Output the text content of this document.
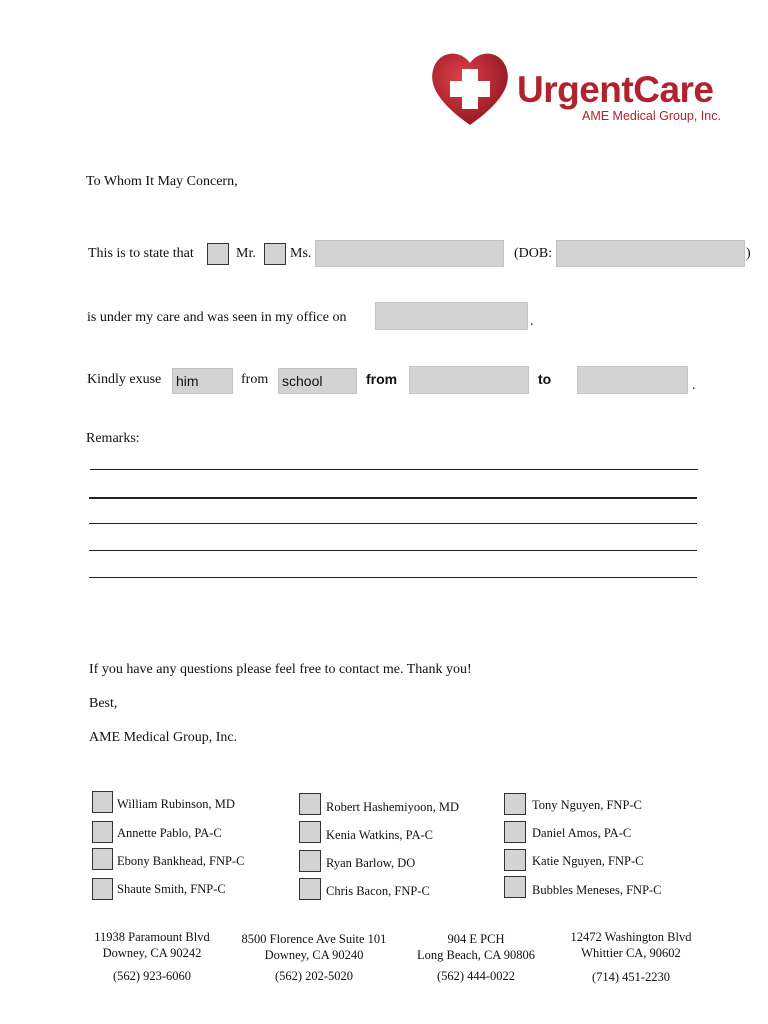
UrgentCare
AME Medical Group, Inc.
To Whom It May Concern,
This is to state that	Mr. Ms.	(DOB:	)
is under my care and was seen in my office on	.
Kindly exuse him	from school	from	to	.
Remarks:
If you have any questions please feel free to contact me. Thank you!
Best,
AME Medical Group, Inc.
William Rubinson, MD
Annette Pablo, PA-C
Ebony Bankhead, FNP-C
Shaute Smith, FNP-C
Robert Hashemiyoon, MD
Kenia Watkins, PA-C
Ryan Barlow, DO
Chris Bacon, FNP-C
Tony Nguyen, FNP-C
Daniel Amos, PA-C
Katie Nguyen, FNP-C
Bubbles Meneses, FNP-C
11938 Paramount Blvd
Downey, CA 90242
(562) 923-6060
8500 Florence Ave Suite 101
Downey, CA 90240
(562) 202-5020
904 E PCH
Long Beach, CA 90806
(562) 444-0022
12472 Washington Blvd
Whittier CA, 90602
(714) 451-2230
